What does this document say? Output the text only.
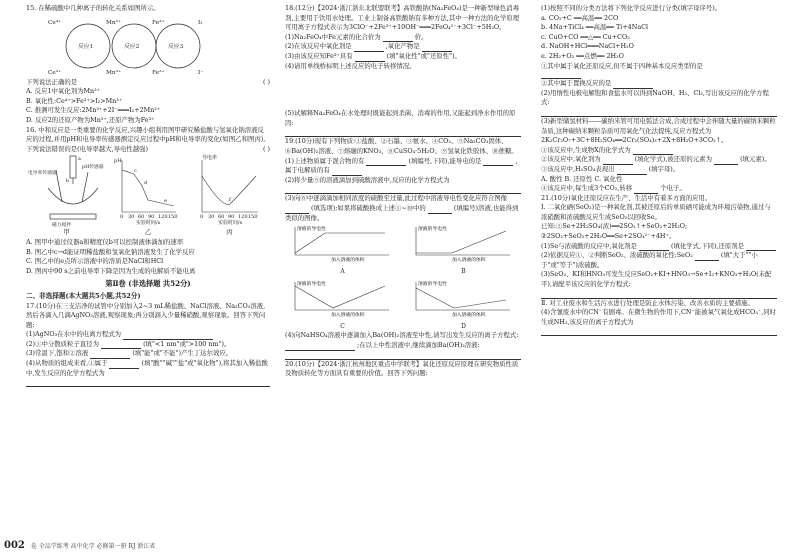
15. 在稀硫酸中几种离子的转化关系如图所示。

Ce⁴⁺	Mn²⁺	Fe³⁺	I₂
Ce³⁺	Mn³⁺	Fe²⁺	I⁻
反应1	反应2	反应3

下列说法正确的是	( )

A. 反应1中氧化剂为Mn³⁺

B. 氧化性:Ce⁴⁺>Fe³⁺>I₂>Mn³⁺

C. 推测可发生反应:2Mn³⁺+2I⁻═══I₂+2Mn²⁺

D. 反应2的还原产物为Mn³⁺,还原产物为Fe³⁺

16. 中和反应是一类重要的化学反应,兴趣小组利用图甲研究稀盐酸与氢氧化钠溶液反应的过程,并用pH和电导率传感器测定反应过程中pH和电导率的变化(如图乙和图丙),下列说法错误的是(电导率越大,导电性越强)	( )

电导率传感器
pH传感器
磁力搅拌
a
b
pH
c
d
e
0 30 60 90 120 150
实验时间/s
导电率
f
0 30 60 90 120 150
实验时间/s
甲	乙	丙

A. 图甲中通过仪器a和精度仪b可以控制液体滴加的速率

B. 图乙中c→d能证明稀盐酸和氢氧化钠溶液发生了化学反应

C. 图乙中的e点所示溶液中的溶质是NaCl和HCl

D. 图丙中90 s之前电导率下降是因为生成的电解质不能电离

第Ⅱ卷 (非选择题 共52分)

二、非选择题(本大题共5小题,共52分)

17.(10分)在三支洁净的试管中分别加入2~3 mL稀盐酸、NaCl溶液、Na₂CO₃溶液,然后各滴入几滴AgNO₃溶液,观察现象;再分别滴入少量稀硝酸,观察现象。回答下列问题:

(1)AgNO₃在水中的电离方程式为

(2)①中分散质粒子直径为	(填"<1 nm"或">100 nm")。

(3)常温下,饱和②溶液	(填"能"或"不能")产生丁达尔效应。

(4)从物质的组成来看,①属于	(填"酸""碱""盐"或"氧化物"),将其加入稀盐酸中,发生反应的化学方程式为

18.(12分)【2024·浙江浙东北联盟联考】高铁酸钠(Na₂FeO₄)是一种新型绿色消毒剂,主要用于饮用水处理。工业上制备高铁酸钠有多种方法,其中一种方法的化学原理可用离子方程式表示为3ClO⁻+2Fe³⁺+10OH⁻═══2FeO₄²⁻+3Cl⁻+5H₂O。

(1)Na₂FeO₄中Fe元素的化合价为	价。

(2)在该反应中氧化剂是	,氧化产物是

(3)由该反应知Fe³⁺具有	(填"氧化性"或"还原性")。

(4)请用单线桥标明上述反应的电子转移情况。

(5)试解释Na₂FeO₄在水处理时既能起到杀菌、消毒的作用,又能起到净水作用的原因:

19.(10分)现有下列物质:①盐酸、②石墨、③氨水、④CO₂、⑤Na₂CO₃固体、⑥Ba(OH)₂溶液、⑦熔融的KNO₃、⑧CuSO₄·5H₂O、⑨氢氧化铁胶体、⑩蔗糖。

(1)上述物质属于混合物的有	(填编号,下同),能导电的是	,属于电解质的有

(2)将少量⑤的溶液滴加到硫酸溶液中,反应的化学方程式为

(3)向⑥中逐滴滴加相同浓度的硫酸至过量,此过程中溶液导电性变化应符合图像  (填选项);如果将硫酸换成上述①~⑩中的	(填编号)溶液,也能得到类似的图像。

溶液的导电性
加入溶液的体积
A
溶液的导电性
加入溶液的体积
B
溶液的导电性
加入溶液的体积
C
溶液的导电性
加入溶液的体积
D

(4)向NaHSO₄溶液中逐滴加入Ba(OH)₂溶液至中性,请写出发生反应的离子方程式:

;在以上中性溶液中,继续滴加Ba(OH)₂溶液:

20.(10分)【2024·浙江杭州地区重点中学联考】氧化还原反应原理在研究物质性质及物质转化等方面具有重要的价值。回答下列问题:

(1)按照不同的分类方法将下列化学反应进行分类(填字母序号)。

a. CO₂+C ══高温══ 2CO

b. 4Na+TiCl₄ ══高温══ Ti+4NaCl

c. CuO+CO ══△══ Cu+CO₂

d. NaOH+HCl═══NaCl+H₂O

e. 2H₂+O₂ ══点燃══ 2H₂O

①其中属于氧化还原反应,但不属于四种基本反应类型的是

②其中属于置换反应的是

(2)用惰性电极电解饱和食盐水可以得到NaOH、H₂、Cl₂,写出该反应的化学方程式:

(3)新型储氢材料——碳纳米管可用电弧法合成,合成过程中会伴随大量的碳纳米颗粒杂质,这种碳纳米颗粒杂质可用氧化气化法提纯,反应方程式为2K₂Cr₂O₇+3C+8H₂SO₄══2Cr₂(SO₄)₃+2X+8H₂O+3CO₂↑。

①该反应中,生成物X的化学式为

②该反应中,氧化剂为	(填化学式),被还原的元素为	(填元素)。

③该反应中,H₂SO₄表现出	(填字母)。

A. 酸性 B. 还原性 C. 氧化性

④该反应中,每生成3个CO₂,转移	个电子。

21.(10分)氧化还原反应在生产、生活中有着多方面的应用。

Ⅰ. 二氧化硒(SeO₂)是一种氧化剂,其被还原后的单质硒可能成为环境污染物,通过与浓硝酸和浓硫酸反应生成SeO₂以回收Se。

已知:①Se+2H₂SO₄(浓)══2SO₂↑+SeO₂+2H₂O;

②2SO₂+SeO₂+2H₂O══Se+2SO₄²⁻+4H⁺。

(1)Se与浓硫酸的反应中,氧化剂是	(填化学式,下同),还原剂是

(2)依据反应①、②判断SeO₂、浓硫酸的氧化性:SeO₂	(填"大于""小于"或"等于")浓硫酸。

(3)SeO₂、KI和HNO₃可发生反应SeO₂+KI+HNO₃→Se+I₂+KNO₃+H₂O(未配平),请配平该反应的化学方程式:

Ⅱ. 对工业废水和生活污水进行处理是防止水体污染、改善水质的主要措施。

(4)含氰废水中的CN⁻有剧毒。在微生物的作用下,CN⁻能被氧气氧化成HCO₃⁻,同时生成NH₃,该反应的离子方程式为

002 卷 全品学练考 高中化学 必修第一册 RJ 浙江省
